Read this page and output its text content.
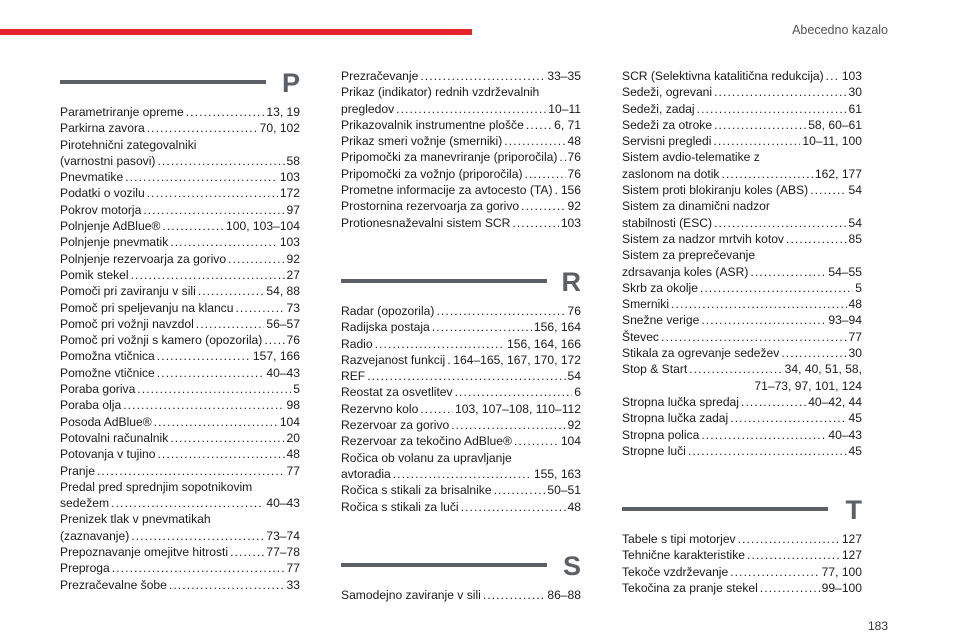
Abecedno kazalo
P
Parametriranje opreme .....	13, 19
Parkirna zavora .....	70, 102
Pirotehnični zategovalniki
(varnostni pasovi) .....	58
Pnevmatike .....	103
Podatki o vozilu .....	172
Pokrov motorja .....	97
Polnjenje AdBlue® .....	100, 103–104
Polnjenje pnevmatik .....	103
Polnjenje rezervoarja za gorivo .....	92
Pomik stekel .....	27
Pomoči pri zaviranju v sili .....	54, 88
Pomoč pri speljevanju na klancu .....	73
Pomoč pri vožnji navzdol .....	56–57
Pomoč pri vožnji s kamero (opozorila) ..... 76
Pomožna vtičnica .....	157, 166
Pomožne vtičnice .....	40–43
Poraba goriva .....	5
Poraba olja .....	98
Posoda AdBlue® .....	104
Potovalni računalnik .....	20
Potovanja v tujino .....	48
Pranje .....	77
Predal pred sprednjim sopotnikovim
sedežem .....	40–43
Prenizek tlak v pnevmatikah
(zaznavanje) .....	73–74
Prepoznavanje omejitve hitrosti .....	77–78
Preproga .....	77
Prezračevalne šobe .....	33
Prezračevanje .....	33–35
Prikaz (indikator) rednih vzdrževalnih
pregledov .....	10–11
Prikazovalnik instrumentne plošče .....	6, 71
Prikaz smeri vožnje (smerniki) .....	48
Pripomočki za manevriranje (priporočila) ..... 76
Pripomočki za vožnjo (priporočila) .....	76
Prometne informacije za avtocesto (TA) ..... 156
Prostornina rezervoarja za gorivo .....	92
Protionesnaževalni sistem SCR .....	103
R
Radar (opozorila) .....	76
Radijska postaja .....	156, 164
Radio .....	156, 164, 166
Razvejanost funkcij ..... 164–165, 167, 170, 172
REF .....	54
Reostat za osvetlitev .....	6
Rezervno kolo .....	103, 107–108, 110–112
Rezervoar za gorivo .....	92
Rezervoar za tekočino AdBlue® .....	104
Ročica ob volanu za upravljanje
avtoradia .....	155, 163
Ročica s stikali za brisalnike .....	50–51
Ročica s stikali za luči .....	48
S
Samodejno zaviranje v sili .....	86–88
SCR (Selektivna katalitična redukcija) ..... 103
Sedeži, ogrevani .....	30
Sedeži, zadaj .....	61
Sedeži za otroke .....	58, 60–61
Servisni pregledi .....	10–11, 100
Sistem avdio-telematike z
zaslonom na dotik .....	162, 177
Sistem proti blokiranju koles (ABS) .....	54
Sistem za dinamični nadzor
stabilnosti (ESC) .....	54
Sistem za nadzor mrtvih kotov .....	85
Sistem za preprečevanje
zdrsavanja koles (ASR) .....	54–55
Skrb za okolje .....	5
Smerniki .....	48
Snežne verige .....	93–94
Števec .....	77
Stikala za ogrevanje sedežev .....	30
Stop & Start .....	34, 40, 51, 58,
71–73, 97, 101, 124
Stropna lučka spredaj .....	40–42, 44
Stropna lučka zadaj .....	45
Stropna polica .....	40–43
Stropne luči .....	45
T
Tabele s tipi motorjev .....	127
Tehnične karakteristike .....	127
Tekoče vzdrževanje .....	77, 100
Tekočina za pranje stekel .....	99–100
183
